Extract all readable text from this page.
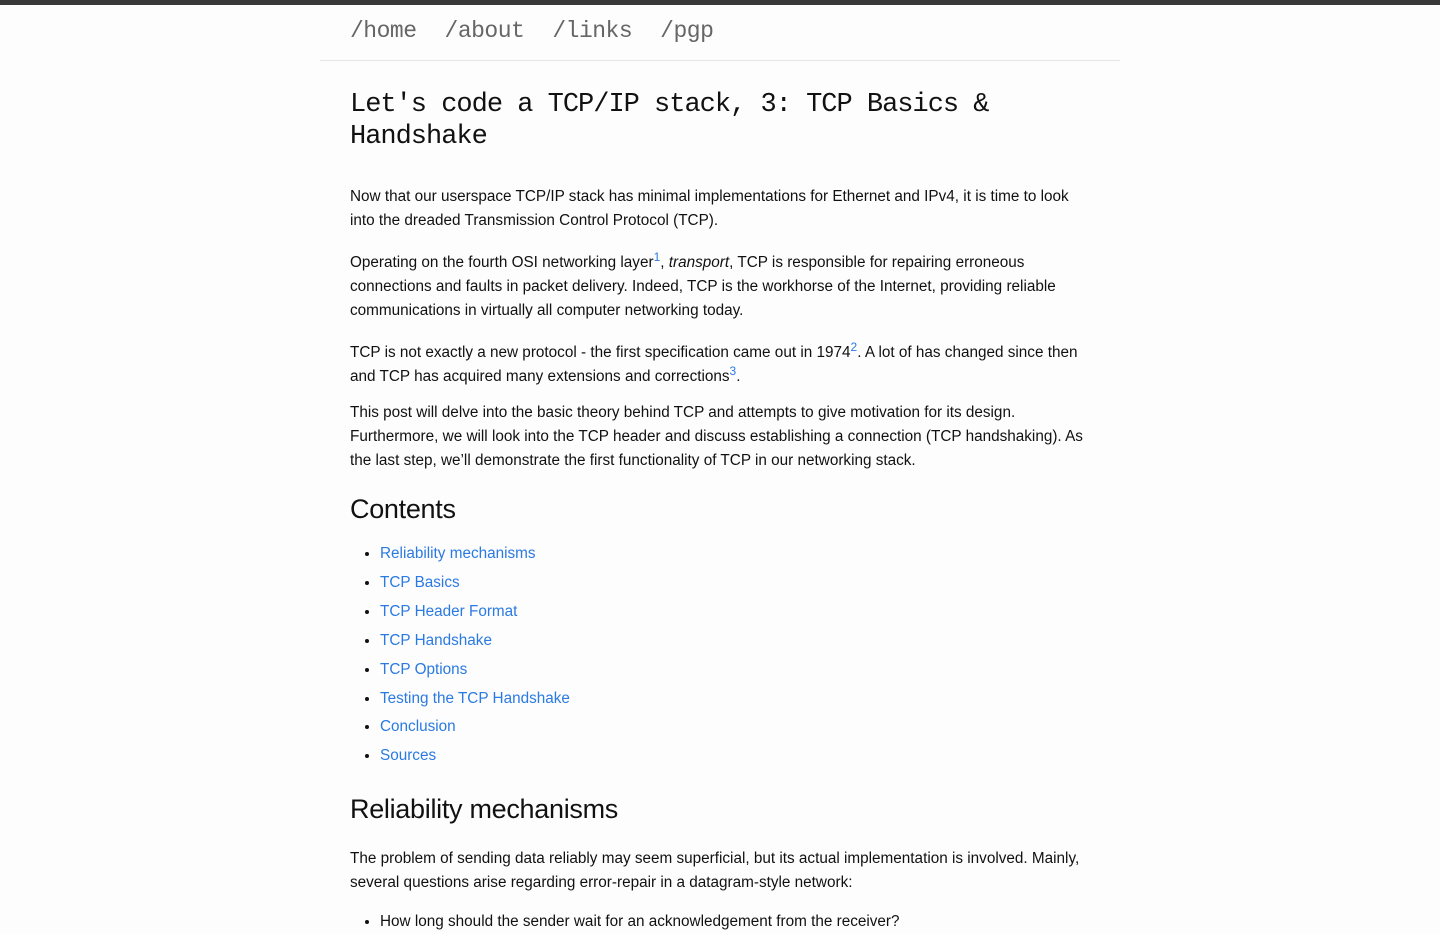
/home /about /links /pgp
Let's code a TCP/IP stack, 3: TCP Basics & Handshake

Now that our userspace TCP/IP stack has minimal implementations for Ethernet and IPv4, it is time to look into the dreaded Transmission Control Protocol (TCP).

Operating on the fourth OSI networking layer$^1$, transport, TCP is responsible for repairing erroneous connections and faults in packet delivery. Indeed, TCP is the workhorse of the Internet, providing reliable communications in virtually all computer networking today.

TCP is not exactly a new protocol - the first specification came out in 1974$^2$. A lot of has changed since then and TCP has acquired many extensions and corrections$^3$.

This post will delve into the basic theory behind TCP and attempts to give motivation for its design. Furthermore, we will look into the TCP header and discuss establishing a connection (TCP handshaking). As the last step, we’ll demonstrate the first functionality of TCP in our networking stack.

Contents
• Reliability mechanisms
• TCP Basics
• TCP Header Format
• TCP Handshake
• TCP Options
• Testing the TCP Handshake
• Conclusion
• Sources
Reliability mechanisms

The problem of sending data reliably may seem superficial, but its actual implementation is involved. Mainly, several questions arise regarding error-repair in a datagram-style network:

• How long should the sender wait for an acknowledgement from the receiver?
